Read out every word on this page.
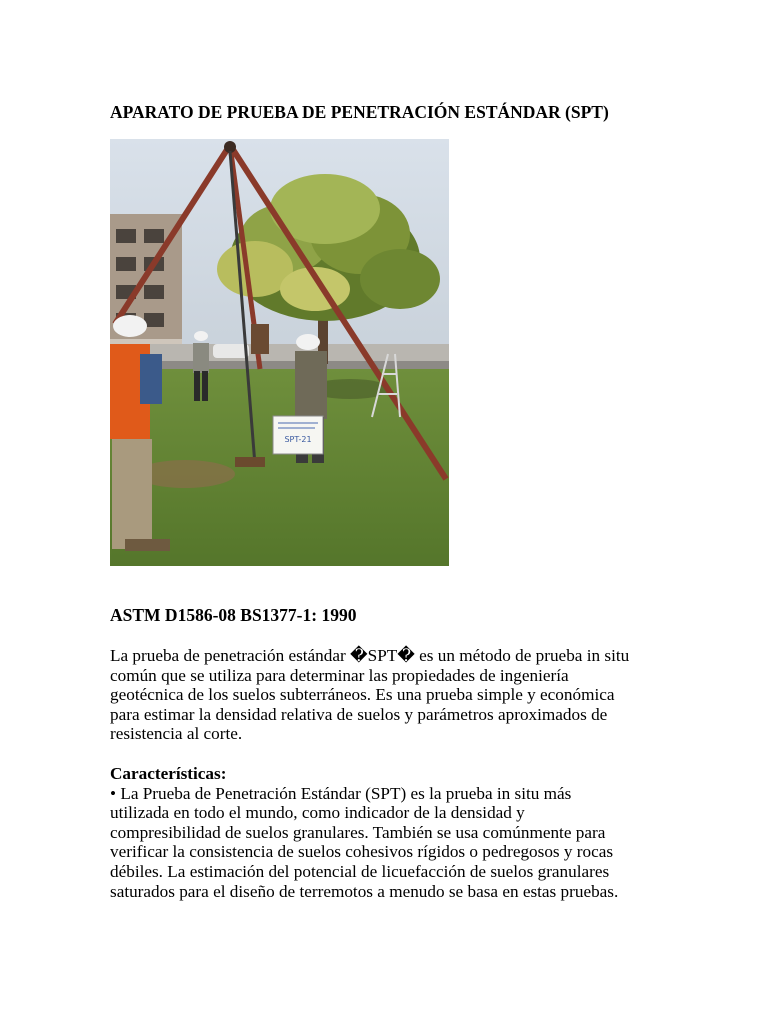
APARATO DE PRUEBA DE PENETRACIÓN ESTÁNDAR (SPT)
SPT-21
ASTM D1586-08 BS1377-1: 1990
La prueba de penetración estándar �SPT� es un método de prueba in situ
común que se utiliza para determinar las propiedades de ingeniería
geotécnica de los suelos subterráneos. Es una prueba simple y económica
para estimar la densidad relativa de suelos y parámetros aproximados de
resistencia al corte.
Características:
• La Prueba de Penetración Estándar (SPT) es la prueba in situ más
utilizada en todo el mundo, como indicador de la densidad y
compresibilidad de suelos granulares. También se usa comúnmente para
verificar la consistencia de suelos cohesivos rígidos o pedregosos y rocas
débiles. La estimación del potencial de licuefacción de suelos granulares
saturados para el diseño de terremotos a menudo se basa en estas pruebas.
